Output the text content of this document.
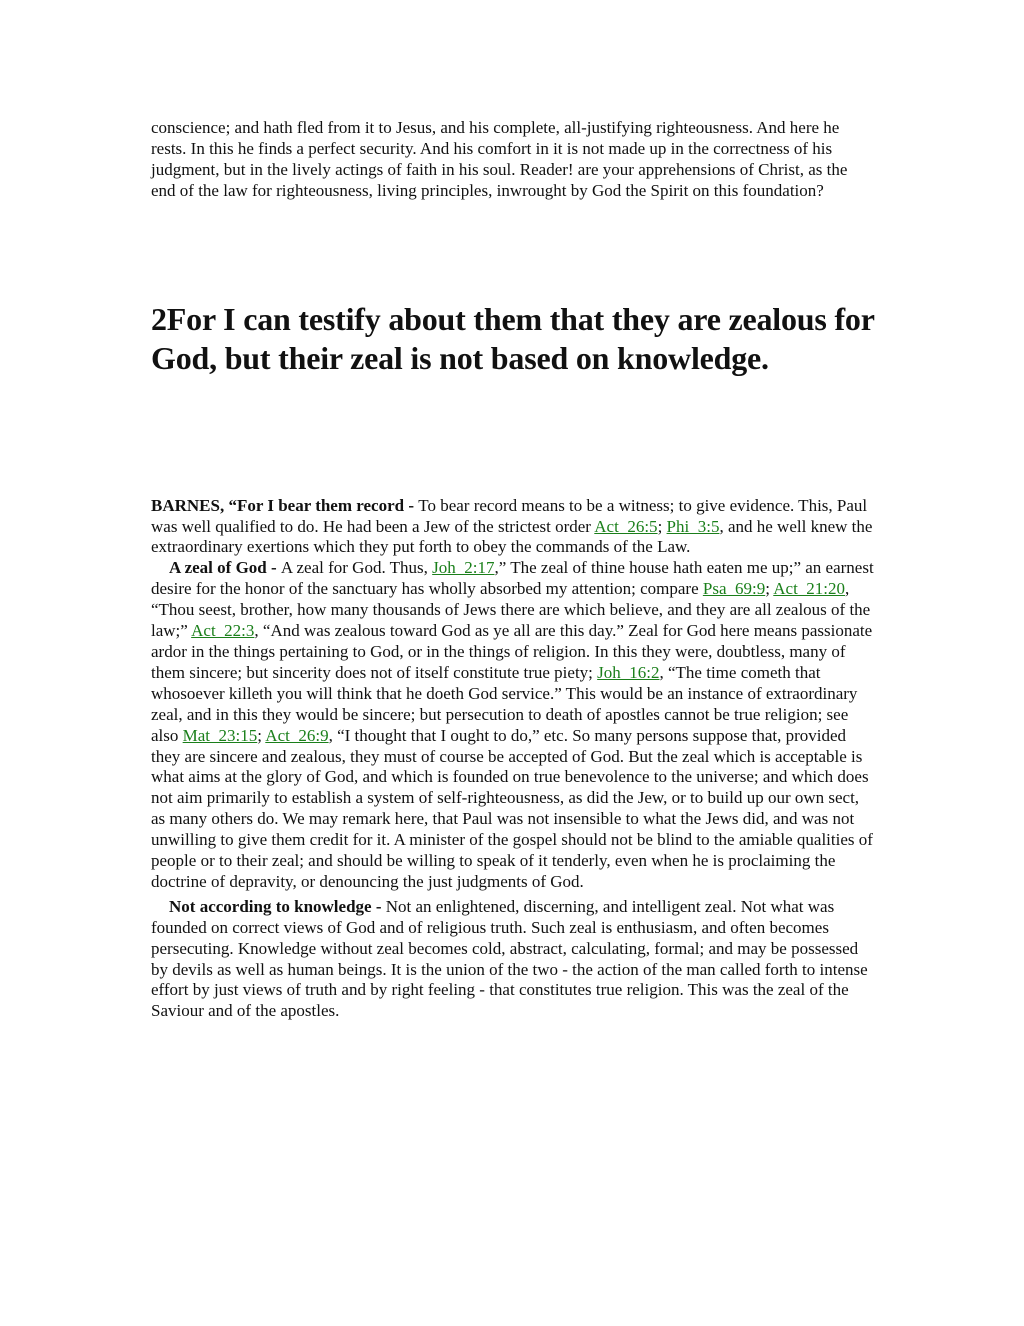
conscience; and hath fled from it to Jesus, and his complete, all-justifying righteousness. And here he rests. In this he finds a perfect security. And his comfort in it is not made up in the correctness of his judgment, but in the lively actings of faith in his soul. Reader! are your apprehensions of Christ, as the end of the law for righteousness, living principles, inwrought by God the Spirit on this foundation?

2For I can testify about them that they are zealous for God, but their zeal is not based on knowledge.

BARNES, “For I bear them record - To bear record means to be a witness; to give evidence. This, Paul was well qualified to do. He had been a Jew of the strictest order Act_26:5; Phi_3:5, and he well knew the extraordinary exertions which they put forth to obey the commands of the Law.

A zeal of God - A zeal for God. Thus, Joh_2:17,” The zeal of thine house hath eaten me up;” an earnest desire for the honor of the sanctuary has wholly absorbed my attention; compare Psa_69:9; Act_21:20, “Thou seest, brother, how many thousands of Jews there are which believe, and they are all zealous of the law;” Act_22:3, “And was zealous toward God as ye all are this day.” Zeal for God here means passionate ardor in the things pertaining to God, or in the things of religion. In this they were, doubtless, many of them sincere; but sincerity does not of itself constitute true piety; Joh_16:2, “The time cometh that whosoever killeth you will think that he doeth God service.” This would be an instance of extraordinary zeal, and in this they would be sincere; but persecution to death of apostles cannot be true religion; see also Mat_23:15; Act_26:9, “I thought that I ought to do,” etc. So many persons suppose that, provided they are sincere and zealous, they must of course be accepted of God. But the zeal which is acceptable is what aims at the glory of God, and which is founded on true benevolence to the universe; and which does not aim primarily to establish a system of self-righteousness, as did the Jew, or to build up our own sect, as many others do. We may remark here, that Paul was not insensible to what the Jews did, and was not unwilling to give them credit for it. A minister of the gospel should not be blind to the amiable qualities of people or to their zeal; and should be willing to speak of it tenderly, even when he is proclaiming the doctrine of depravity, or denouncing the just judgments of God.

Not according to knowledge - Not an enlightened, discerning, and intelligent zeal. Not what was founded on correct views of God and of religious truth. Such zeal is enthusiasm, and often becomes persecuting. Knowledge without zeal becomes cold, abstract, calculating, formal; and may be possessed by devils as well as human beings. It is the union of the two - the action of the man called forth to intense effort by just views of truth and by right feeling - that constitutes true religion. This was the zeal of the Saviour and of the apostles.
